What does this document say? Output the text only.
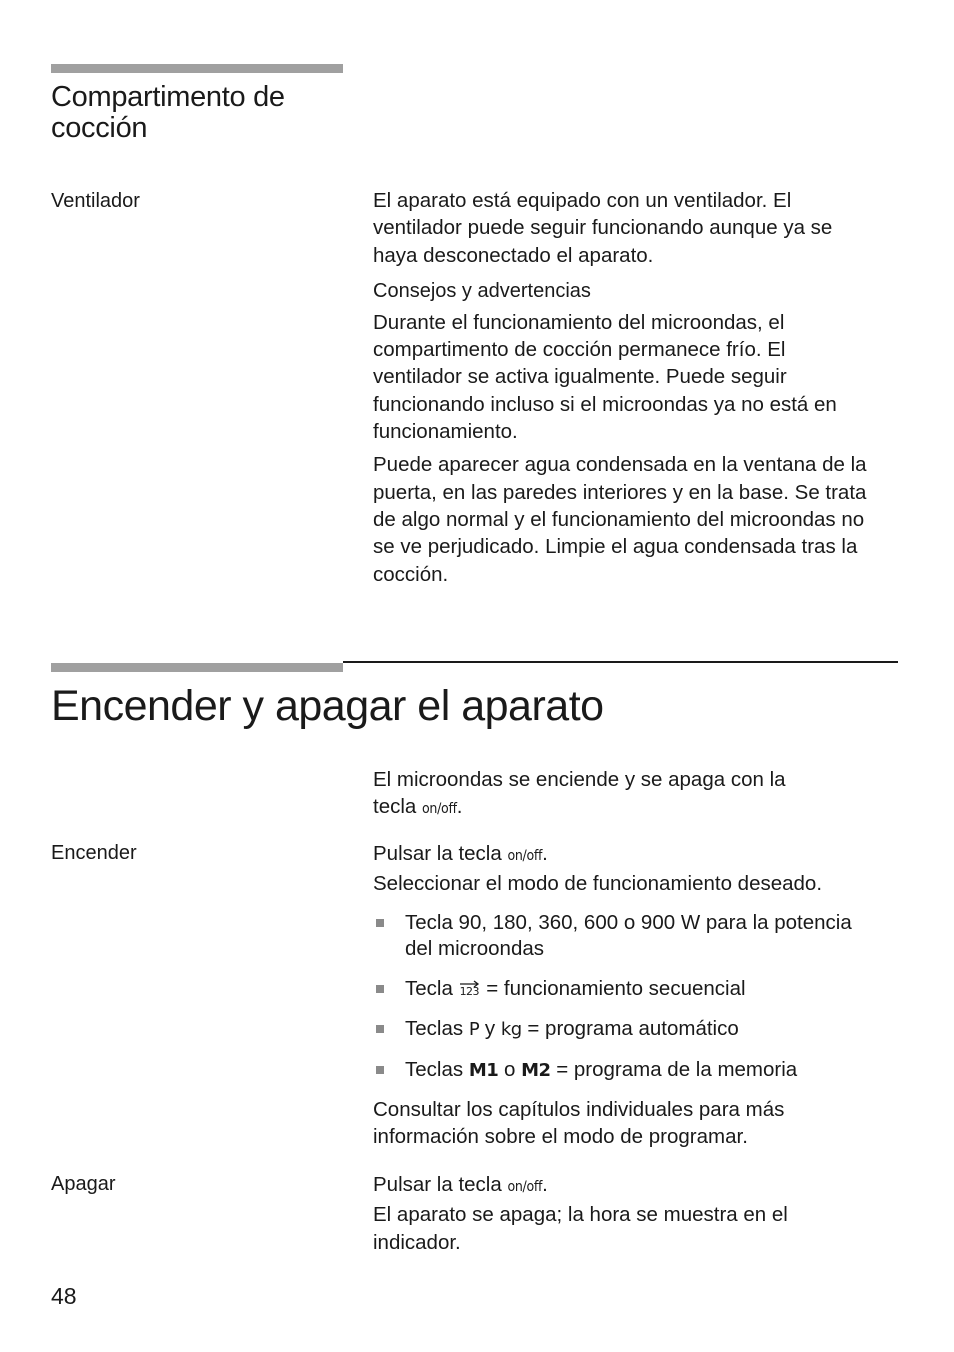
Compartimento de
cocción
Ventilador	El aparato está equipado con un ventilador. El
ventilador puede seguir funcionando aunque ya se
haya desconectado el aparato.

Consejos y advertencias

Durante el funcionamiento del microondas, el
compartimento de cocción permanece frío. El
ventilador se activa igualmente. Puede seguir
funcionando incluso si el microondas ya no está en
funcionamiento.

Puede aparecer agua condensada en la ventana de la
puerta, en las paredes interiores y en la base. Se trata
de algo normal y el funcionamiento del microondas no
se ve perjudicado. Limpie el agua condensada tras la
cocción.

Encender y apagar el aparato
El microondas se enciende y se apaga con la
tecla on/off.
Encender	Pulsar la tecla on/off.
Seleccionar el modo de funcionamiento deseado.

Tecla 90, 180, 360, 600 o 900 W para la potencia
del microondas
Tecla 123 = funcionamiento secuencial
Teclas P y kg = programa automático
Teclas M1 o M2 = programa de la memoria

Consultar los capítulos individuales para más
información sobre el modo de programar.

Apagar	Pulsar la tecla on/off.
El aparato se apaga; la hora se muestra en el
indicador.
48
